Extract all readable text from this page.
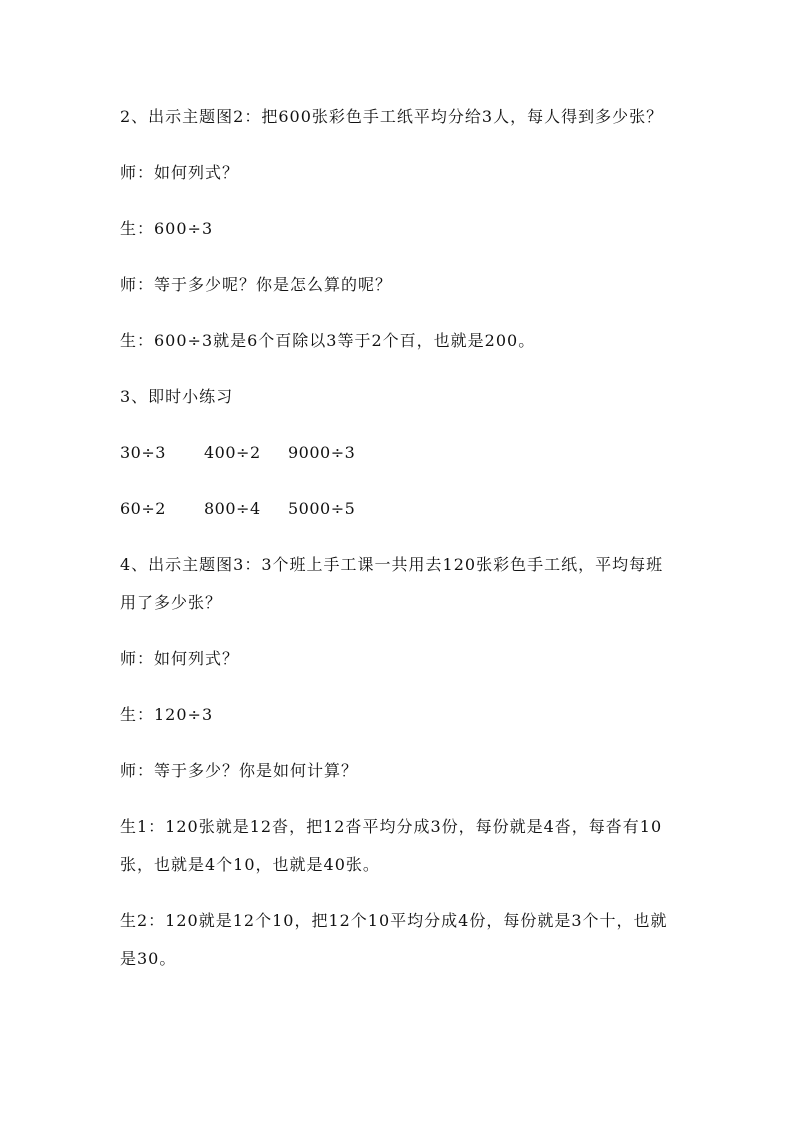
2、出示主题图2：把600张彩色手工纸平均分给3人，每人得到多少张？

师：如何列式？

生：600÷3

师：等于多少呢？你是怎么算的呢？

生：600÷3就是6个百除以3等于2个百，也就是200。

3、即时小练习

30÷3	400÷2	9000÷3
60÷2	800÷4	5000÷5

4、出示主题图3：3个班上手工课一共用去120张彩色手工纸，平均每班用了多少张？

师：如何列式？

生：120÷3

师：等于多少？你是如何计算？

生1：120张就是12沓，把12沓平均分成3份，每份就是4沓，每沓有10张，也就是4个10，也就是40张。

生2：120就是12个10，把12个10平均分成4份，每份就是3个十，也就是30。
